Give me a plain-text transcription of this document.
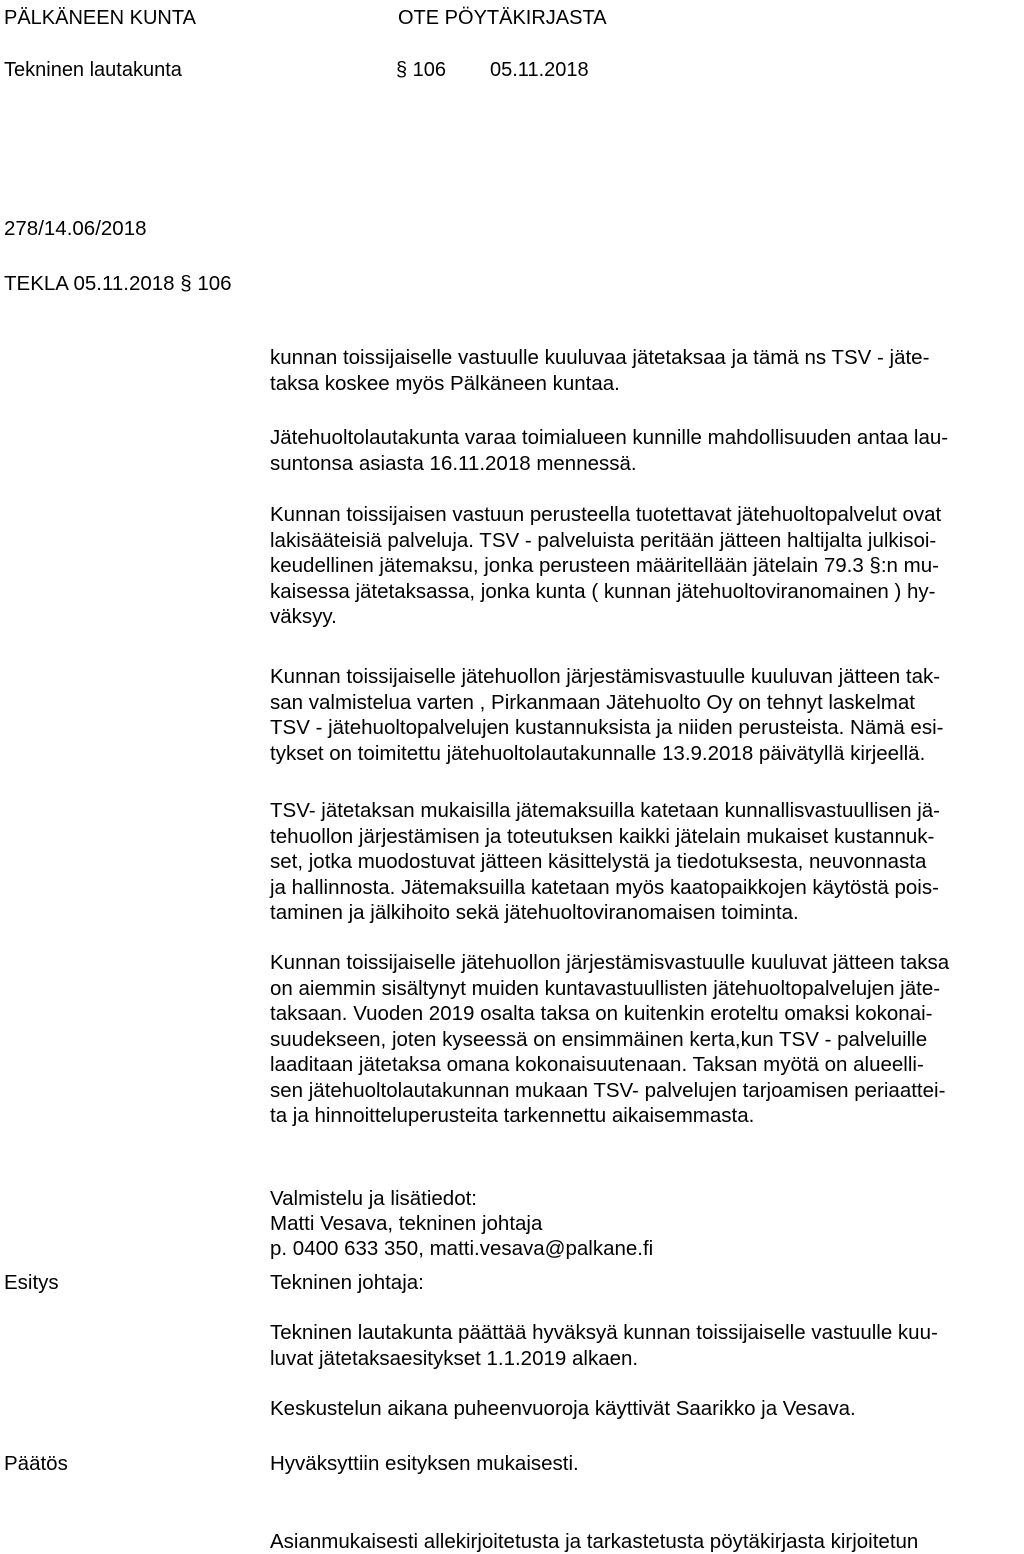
PÄLKÄNEEN KUNTA	OTE PÖYTÄKIRJASTA
Tekninen lautakunta	§ 106 05.11.2018
278/14.06/2018
TEKLA 05.11.2018 § 106

kunnan toissijaiselle vastuulle kuuluvaa jätetaksaa ja tämä ns TSV - jäte-
taksa koskee myös Pälkäneen kuntaa.

Jätehuoltolautakunta varaa toimialueen kunnille mahdollisuuden antaa lau-
suntonsa asiasta 16.11.2018 mennessä.

Kunnan toissijaisen vastuun perusteella tuotettavat jätehuoltopalvelut ovat
lakisääteisiä palveluja. TSV - palveluista peritään jätteen haltijalta julkisoi-
keudellinen jätemaksu, jonka perusteen määritellään jätelain 79.3 §:n mu-
kaisessa jätetaksassa, jonka kunta ( kunnan jätehuoltoviranomainen ) hy-
väksyy.

Kunnan toissijaiselle jätehuollon järjestämisvastuulle kuuluvan jätteen tak-
san valmistelua varten , Pirkanmaan Jätehuolto Oy on tehnyt laskelmat
TSV - jätehuoltopalvelujen kustannuksista ja niiden perusteista. Nämä esi-
tykset on toimitettu jätehuoltolautakunnalle 13.9.2018 päivätyllä kirjeellä.

TSV- jätetaksan mukaisilla jätemaksuilla katetaan kunnallisvastuullisen jä-
tehuollon järjestämisen ja toteutuksen kaikki jätelain mukaiset kustannuk-
set, jotka muodostuvat jätteen käsittelystä ja tiedotuksesta, neuvonnasta
ja hallinnosta. Jätemaksuilla katetaan myös kaatopaikkojen käytöstä pois-
taminen ja jälkihoito sekä jätehuoltoviranomaisen toiminta.

Kunnan toissijaiselle jätehuollon järjestämisvastuulle kuuluvat jätteen taksa
on aiemmin sisältynyt muiden kuntavastuullisten jätehuoltopalvelujen jäte-
taksaan. Vuoden 2019 osalta taksa on kuitenkin eroteltu omaksi kokonai-
suudekseen, joten kyseessä on ensimmäinen kerta,kun TSV - palveluille
laaditaan jätetaksa omana kokonaisuutenaan. Taksan myötä on alueelli-
sen jätehuoltolautakunnan mukaan TSV- palvelujen tarjoamisen periaattei-
ta ja hinnoitteluperusteita tarkennettu aikaisemmasta.

Valmistelu ja lisätiedot:
Matti Vesava, tekninen johtaja
p. 0400 633 350, matti.vesava@palkane.fi
Esitys	Tekninen johtaja:

Tekninen lautakunta päättää hyväksyä kunnan toissijaiselle vastuulle kuu-
luvat jätetaksaesitykset 1.1.2019 alkaen.

Keskustelun aikana puheenvuoroja käyttivät Saarikko ja Vesava.
Päätös	Hyväksyttiin esityksen mukaisesti.
Asianmukaisesti allekirjoitetusta ja tarkastetusta pöytäkirjasta kirjoitetun
